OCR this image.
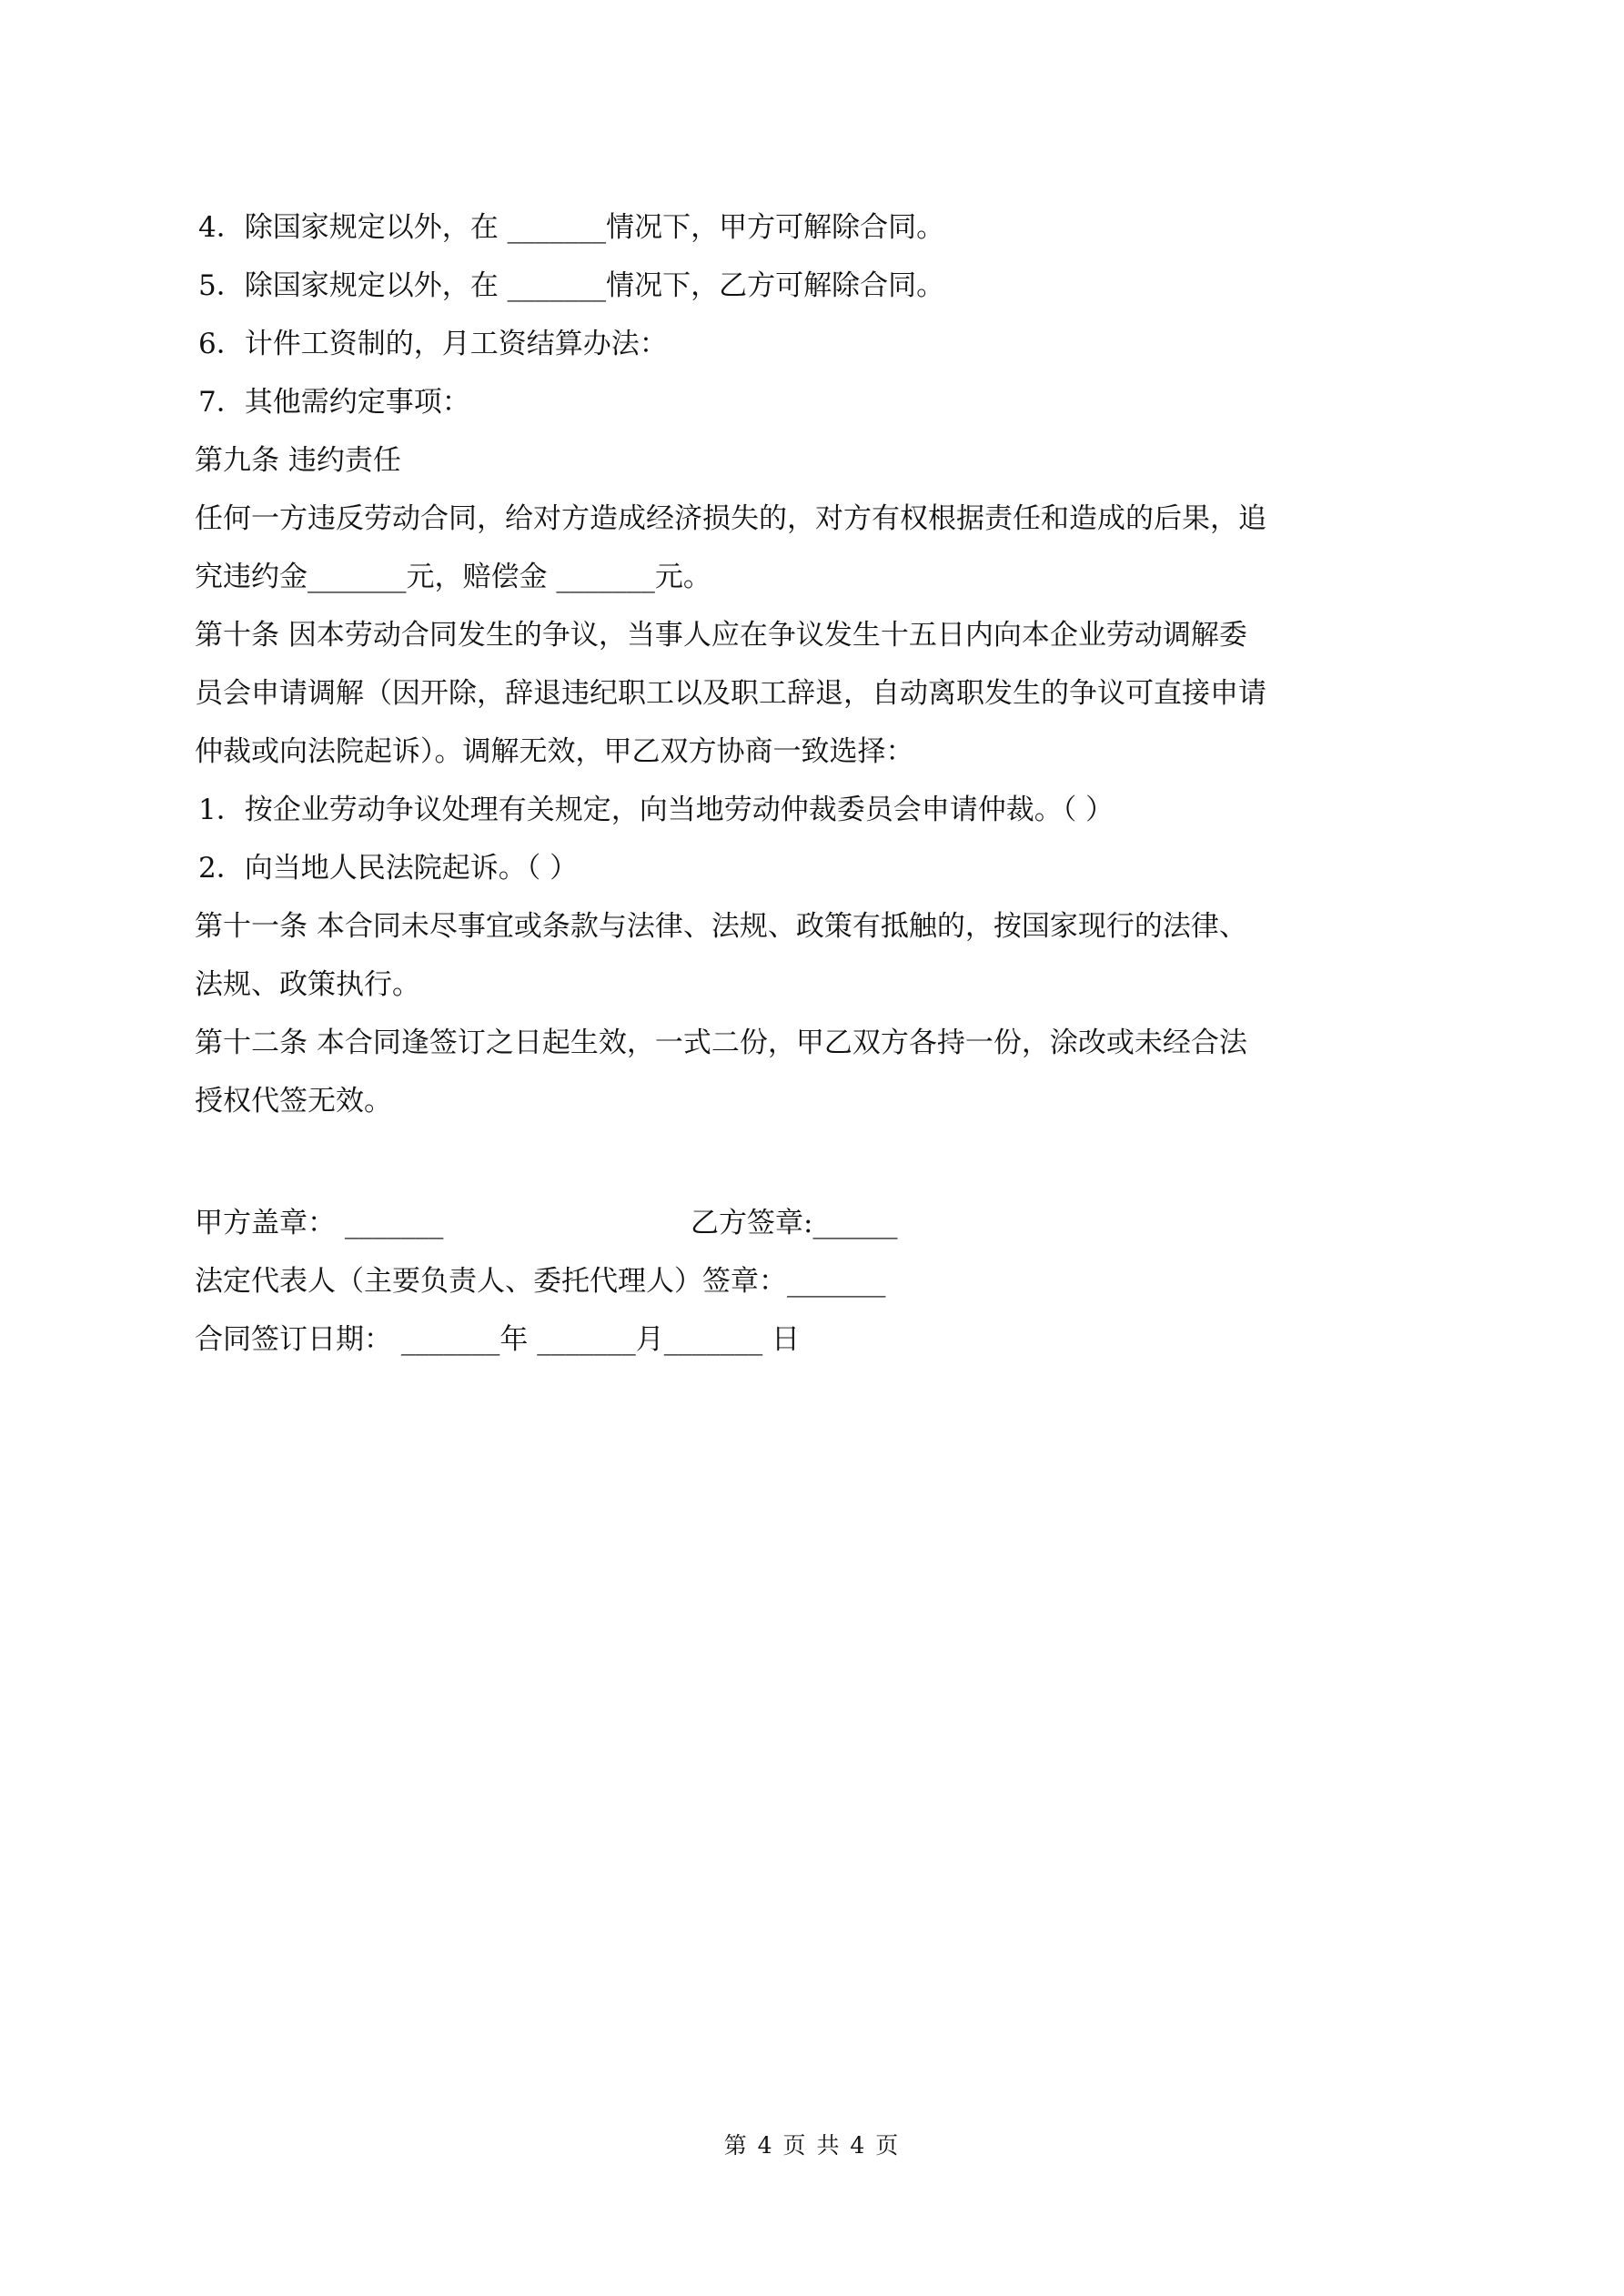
4．除国家规定以外，在 _______情况下，甲方可解除合同。
5．除国家规定以外，在 _______情况下，乙方可解除合同。
6．计件工资制的，月工资结算办法：
7．其他需约定事项：
第九条 违约责任
任何一方违反劳动合同，给对方造成经济损失的，对方有权根据责任和造成的后果，追
究违约金_______元，赔偿金 _______元。
第十条 因本劳动合同发生的争议，当事人应在争议发生十五日内向本企业劳动调解委
员会申请调解（因开除，辞退违纪职工以及职工辞退，自动离职发生的争议可直接申请
仲裁或向法院起诉）。调解无效，甲乙双方协商一致选择：
1．按企业劳动争议处理有关规定，向当地劳动仲裁委员会申请仲裁。（ ）
2．向当地人民法院起诉。（ ）
第十一条 本合同未尽事宜或条款与法律、法规、政策有抵触的，按国家现行的法律、
法规、政策执行。
第十二条 本合同逢签订之日起生效，一式二份，甲乙双方各持一份，涂改或未经合法
授权代签无效。
甲方盖章： _______	乙方签章:______
法定代表人（主要负责人、委托代理人）签章：_______
合同签订日期： _______年 _______月_______ 日
第 4 页 共 4 页
